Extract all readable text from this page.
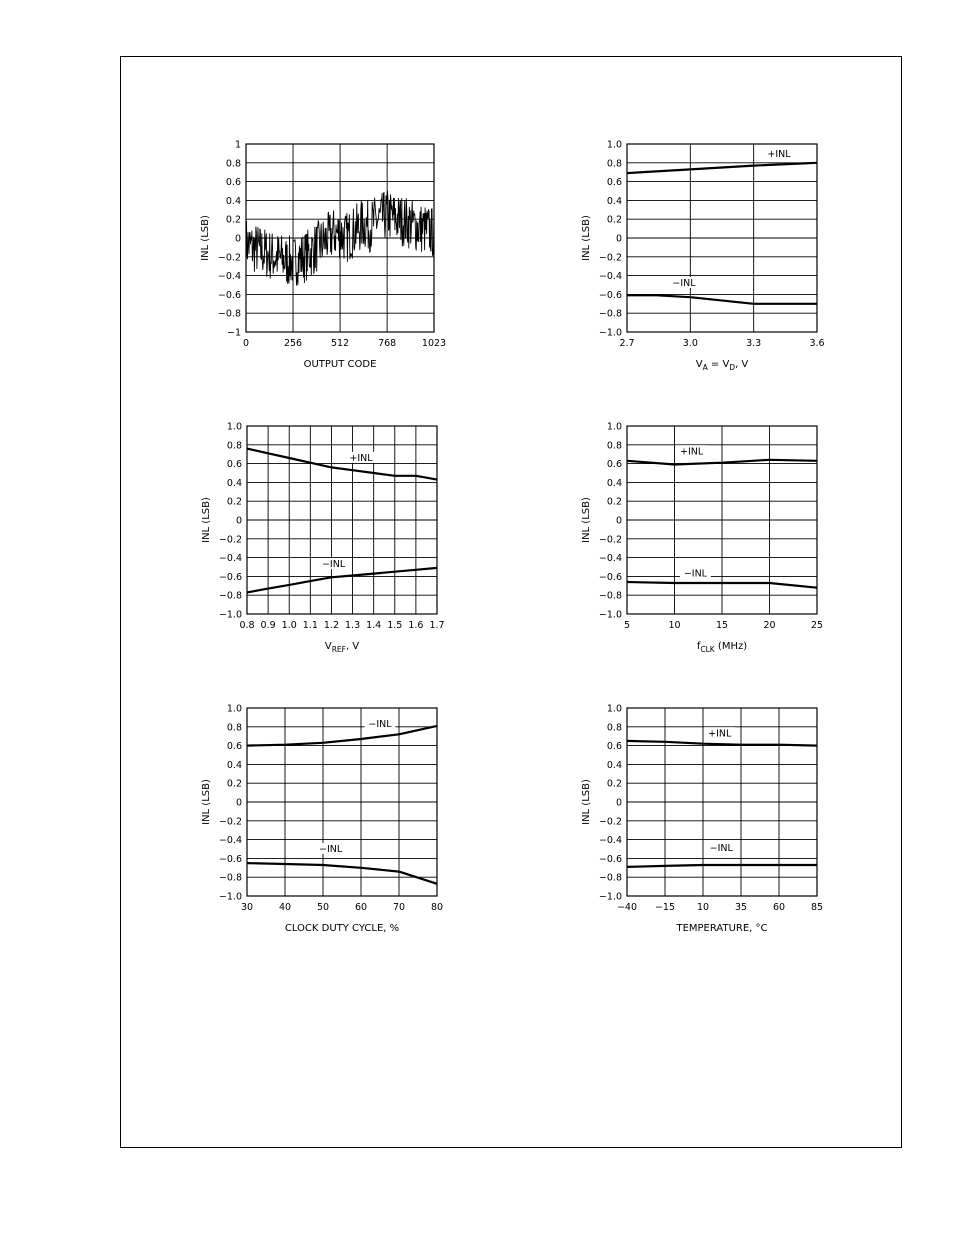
1
0.8
0.6
0.4
0.2
0
−0.2
−0.4
−0.6
−0.8
−1
0	256	512	768	1023
INL (LSB)
OUTPUT CODE
1.0
0.8
0.6
0.4
0.2
0
−0.2
−0.4
−0.6
−0.8
−1.0
2.7	3.0	3.3	3.6
INL (LSB)
$V_A = V_D$, V
+INL
−INL
1.0
0.8
0.6
0.4
0.2
0
−0.2
−0.4
−0.6
−0.8
−1.0
0.8 0.9 1.0 1.1 1.2 1.3 1.4 1.5 1.6 1.7
INL (LSB)
$V_{REF}$, V
+INL
−INL
1.0
0.8
0.6
0.4
0.2
0
−0.2
−0.4
−0.6
−0.8
−1.0
5	10	15	20	25
INL (LSB)
$f_{CLK}$ (MHz)
+INL
−INL
1.0
0.8
0.6
0.4
0.2
0
−0.2
−0.4
−0.6
−0.8
−1.0
30	40	50	60	70	80
INL (LSB)
CLOCK DUTY CYCLE, %
−INL
−INL
1.0
0.8
0.6
0.4
0.2
0
−0.2
−0.4
−0.6
−0.8
−1.0
−40 −15 10	35	60	85
INL (LSB)
TEMPERATURE, °C
+INL
−INL
